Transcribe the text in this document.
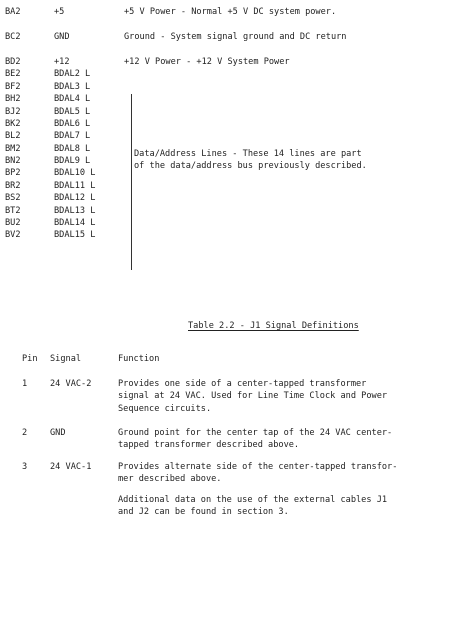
BA2	+5	+5 V Power - Normal +5 V DC system power.
BC2	GND	Ground - System signal ground and DC return
BD2	+12	+12 V Power - +12 V System Power
BE2	BDAL2 L
BF2	BDAL3 L
BH2	BDAL4 L
BJ2	BDAL5 L
BK2	BDAL6 L
BL2	BDAL7 L
BM2	BDAL8 L
BN2	BDAL9 L
BP2	BDAL10 L
BR2	BDAL11 L
BS2	BDAL12 L
BT2	BDAL13 L
BU2	BDAL14 L
BV2	BDAL15 L
Data/Address Lines - These 14 lines are part
of the data/address bus previously described.
Table 2.2 - J1 Signal Definitions
Pin	Signal	Function
1	24 VAC-2	Provides one side of a center-tapped transformer
signal at 24 VAC. Used for Line Time Clock and Power
Sequence circuits.
2	GND	Ground point for the center tap of the 24 VAC center-
tapped transformer described above.
3	24 VAC-1	Provides alternate side of the center-tapped transfor-
mer described above.
Additional data on the use of the external cables J1
and J2 can be found in section 3.
